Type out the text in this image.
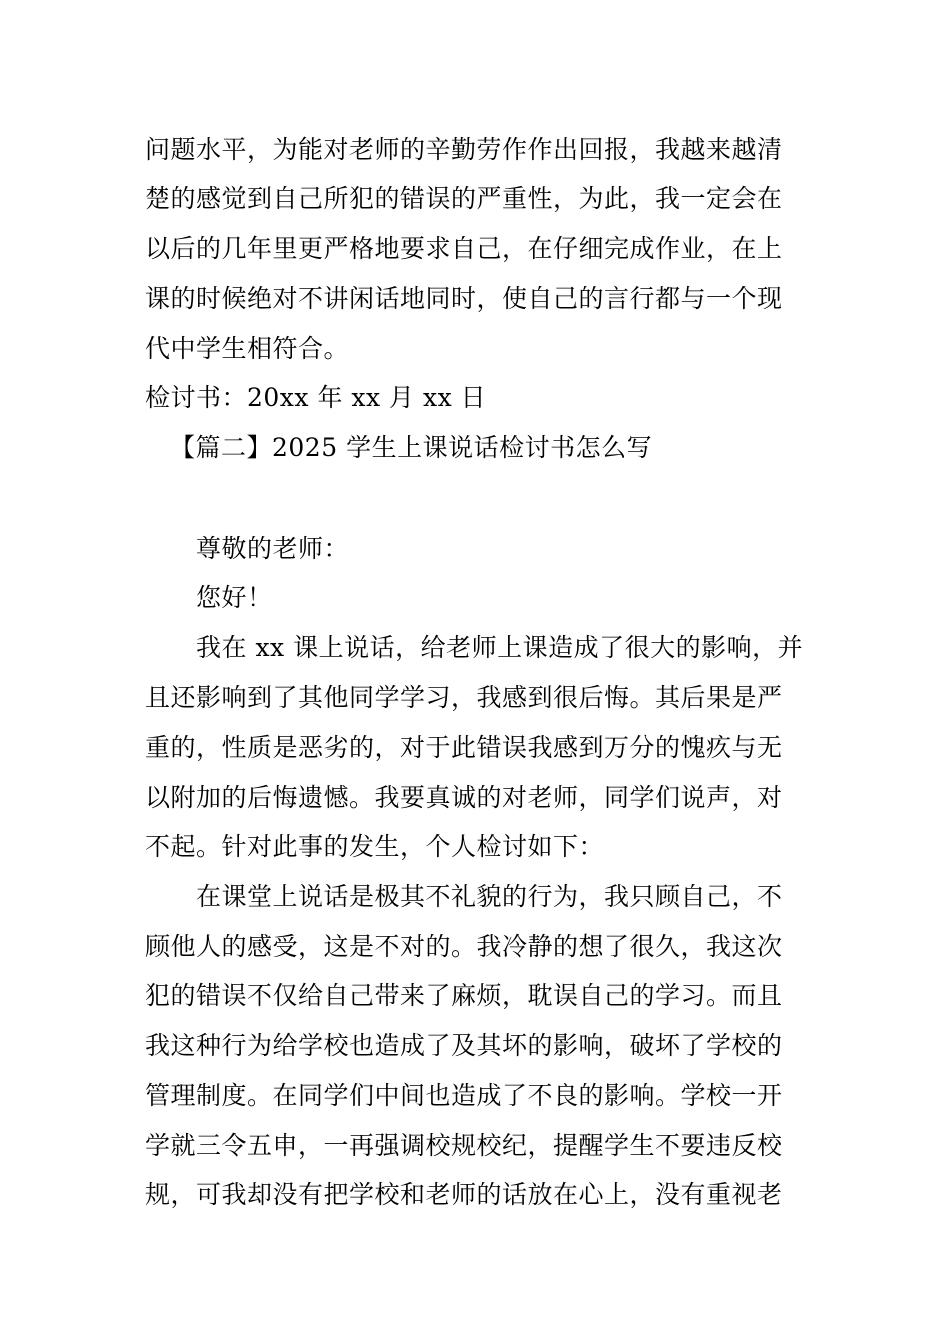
问题水平，为能对老师的辛勤劳作作出回报，我越来越清
楚的感觉到自己所犯的错误的严重性，为此，我一定会在
以后的几年里更严格地要求自己，在仔细完成作业，在上
课的时候绝对不讲闲话地同时，使自己的言行都与一个现
代中学生相符合。
检讨书：20xx 年 xx 月 xx 日
【篇二】2025 学生上课说话检讨书怎么写
尊敬的老师：
您好！
我在 xx 课上说话，给老师上课造成了很大的影响，并
且还影响到了其他同学学习，我感到很后悔。其后果是严
重的，性质是恶劣的，对于此错误我感到万分的愧疚与无
以附加的后悔遗憾。我要真诚的对老师，同学们说声，对
不起。针对此事的发生，个人检讨如下：
在课堂上说话是极其不礼貌的行为，我只顾自己，不
顾他人的感受，这是不对的。我冷静的想了很久，我这次
犯的错误不仅给自己带来了麻烦，耽误自己的学习。而且
我这种行为给学校也造成了及其坏的影响，破坏了学校的
管理制度。在同学们中间也造成了不良的影响。学校一开
学就三令五申，一再强调校规校纪，提醒学生不要违反校
规，可我却没有把学校和老师的话放在心上，没有重视老
